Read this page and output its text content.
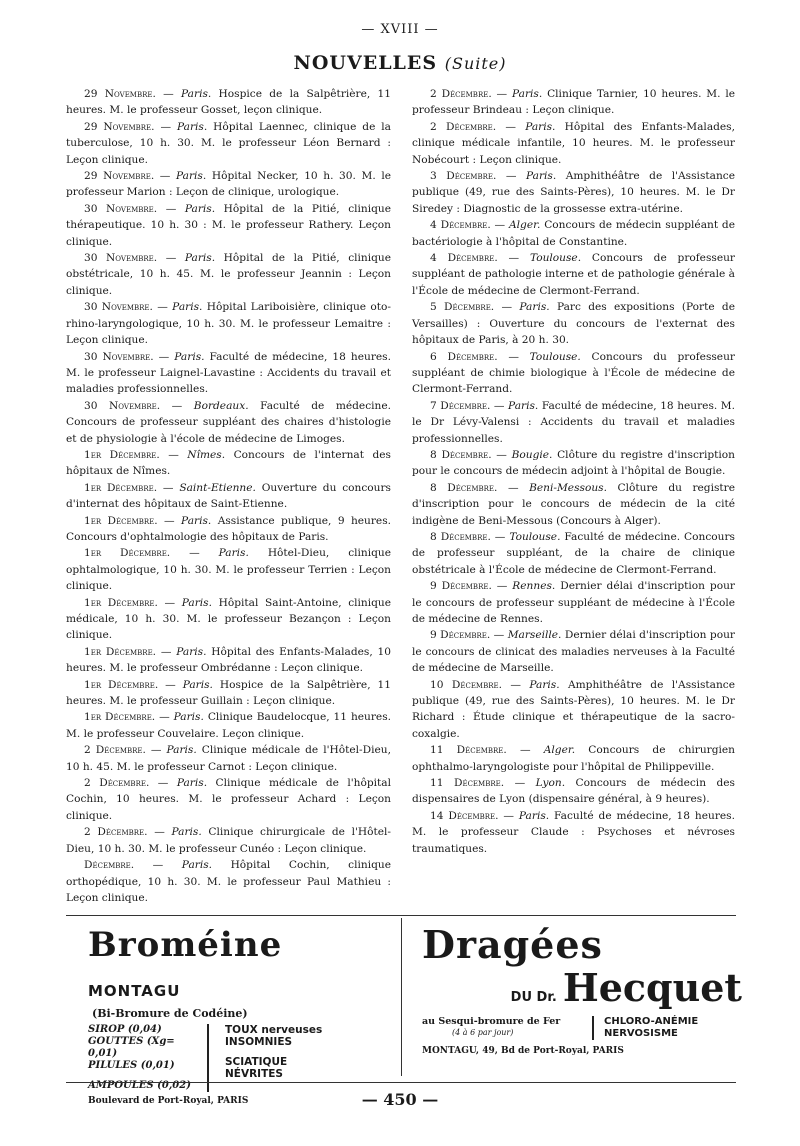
— XVIII —
NOUVELLES (Suite)

29 Novembre. — Paris. Hospice de la Salpêtrière, 11 heures. M. le professeur Gosset, leçon clinique.

29 Novembre. — Paris. Hôpital Laennec, clinique de la tuberculose, 10 h. 30. M. le professeur Léon Bernard : Leçon clinique.

29 Novembre. — Paris. Hôpital Necker, 10 h. 30. M. le professeur Marion : Leçon de clinique, urologique.

30 Novembre. — Paris. Hôpital de la Pitié, clinique thérapeutique. 10 h. 30 : M. le professeur Rathery. Leçon clinique.

30 Novembre. — Paris. Hôpital de la Pitié, clinique obstétricale, 10 h. 45. M. le professeur Jeannin : Leçon clinique.

30 Novembre. — Paris. Hôpital Lariboisière, clinique oto-rhino-laryngologique, 10 h. 30. M. le professeur Lemaitre : Leçon clinique.

30 Novembre. — Paris. Faculté de médecine, 18 heures. M. le professeur Laignel-Lavastine : Accidents du travail et maladies professionnelles.

30 Novembre. — Bordeaux. Faculté de médecine. Concours de professeur suppléant des chaires d'histologie et de physiologie à l'école de médecine de Limoges.

1er Décembre. — Nîmes. Concours de l'internat des hôpitaux de Nîmes.

1er Décembre. — Saint-Etienne. Ouverture du concours d'internat des hôpitaux de Saint-Etienne.

1er Décembre. — Paris. Assistance publique, 9 heures. Concours d'ophtalmologie des hôpitaux de Paris.

1er Décembre. — Paris. Hôtel-Dieu, clinique ophtalmologique, 10 h. 30. M. le professeur Terrien : Leçon clinique.

1er Décembre. — Paris. Hôpital Saint-Antoine, clinique médicale, 10 h. 30. M. le professeur Bezançon : Leçon clinique.

1er Décembre. — Paris. Hôpital des Enfants-Malades, 10 heures. M. le professeur Ombrédanne : Leçon clinique.

1er Décembre. — Paris. Hospice de la Salpêtrière, 11 heures. M. le professeur Guillain : Leçon clinique.

1er Décembre. — Paris. Clinique Baudelocque, 11 heures. M. le professeur Couvelaire. Leçon clinique.

2 Décembre. — Paris. Clinique médicale de l'Hôtel-Dieu, 10 h. 45. M. le professeur Carnot : Leçon clinique.

2 Décembre. — Paris. Clinique médicale de l'hôpital Cochin, 10 heures. M. le professeur Achard : Leçon clinique.

2 Décembre. — Paris. Clinique chirurgicale de l'Hôtel-Dieu, 10 h. 30. M. le professeur Cunéo : Leçon clinique.

Décembre. — Paris. Hôpital Cochin, clinique orthopédique, 10 h. 30. M. le professeur Paul Mathieu : Leçon clinique.

2 Décembre. — Paris. Clinique Tarnier, 10 heures. M. le professeur Brindeau : Leçon clinique.

2 Décembre. — Paris. Hôpital des Enfants-Malades, clinique médicale infantile, 10 heures. M. le professeur Nobécourt : Leçon clinique.

3 Décembre. — Paris. Amphithéâtre de l'Assistance publique (49, rue des Saints-Pères), 10 heures. M. le Dr Siredey : Diagnostic de la grossesse extra-utérine.

4 Décembre. — Alger. Concours de médecin suppléant de bactériologie à l'hôpital de Constantine.

4 Décembre. — Toulouse. Concours de professeur suppléant de pathologie interne et de pathologie générale à l'École de médecine de Clermont-Ferrand.

5 Décembre. — Paris. Parc des expositions (Porte de Versailles) : Ouverture du concours de l'externat des hôpitaux de Paris, à 20 h. 30.

6 Décembre. — Toulouse. Concours du professeur suppléant de chimie biologique à l'École de médecine de Clermont-Ferrand.

7 Décembre. — Paris. Faculté de médecine, 18 heures. M. le Dr Lévy-Valensi : Accidents du travail et maladies professionnelles.

8 Décembre. — Bougie. Clôture du registre d'inscription pour le concours de médecin adjoint à l'hôpital de Bougie.

8 Décembre. — Beni-Messous. Clôture du registre d'inscription pour le concours de médecin de la cité indigène de Beni-Messous (Concours à Alger).

8 Décembre. — Toulouse. Faculté de médecine. Concours de professeur suppléant, de la chaire de clinique obstétricale à l'École de médecine de Clermont-Ferrand.

9 Décembre. — Rennes. Dernier délai d'inscription pour le concours de professeur suppléant de médecine à l'École de médecine de Rennes.

9 Décembre. — Marseille. Dernier délai d'inscription pour le concours de clinicat des maladies nerveuses à la Faculté de médecine de Marseille.

10 Décembre. — Paris. Amphithéâtre de l'Assistance publique (49, rue des Saints-Pères), 10 heures. M. le Dr Richard : Étude clinique et thérapeutique de la sacro-coxalgie.

11 Décembre. — Alger. Concours de chirurgien ophthalmo-laryngologiste pour l'hôpital de Philippeville.

11 Décembre. — Lyon. Concours de médecin des dispensaires de Lyon (dispensaire général, à 9 heures).

14 Décembre. — Paris. Faculté de médecine, 18 heures. M. le professeur Claude : Psychoses et névroses traumatiques.

Broméine MONTAGU
(Bi-Bromure de Codéine)
SIROP (0,04)
GOUTTES (Xg= 0,01)
PILULES (0,01)
AMPOULES (0,02)
TOUX nerveuses
INSOMNIES
SCIATIQUE
NÉVRITES
Boulevard de Port-Royal, PARIS
Dragées
DU Dr. Hecquet
au Sesqui-bromure de Fer
(4 à 6 par jour)
CHLORO-ANÉMIE
NERVOSISME
MONTAGU, 49, Bd de Port-Royal, PARIS
— 450 —
